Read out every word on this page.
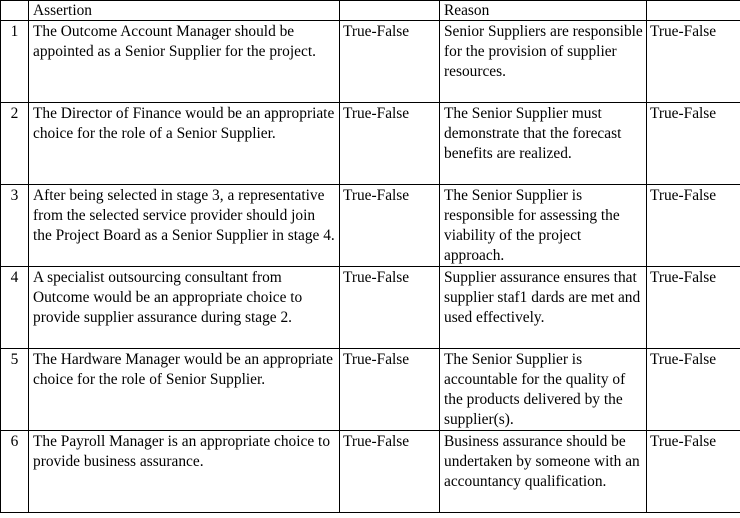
	Assertion		Reason	
1	The Outcome Account Manager should be appointed as a Senior Supplier for the project.	True-False	Senior Suppliers are responsible for the provision of supplier resources.	True-False
2	The Director of Finance would be an appropriate choice for the role of a Senior Supplier.	True-False	The Senior Supplier must demonstrate that the forecast benefits are realized.	True-False
3	After being selected in stage 3, a representative from the selected service provider should join the Project Board as a Senior Supplier in stage 4.	True-False	The Senior Supplier is responsible for assessing the viability of the project approach.	True-False
4	A specialist outsourcing consultant from Outcome would be an appropriate choice to provide supplier assurance during stage 2.	True-False	Supplier assurance ensures that supplier staf1 dards are met and used effectively.	True-False
5	The Hardware Manager would be an appropriate choice for the role of Senior Supplier.	True-False	The Senior Supplier is accountable for the quality of the products delivered by the supplier(s).	True-False
6	The Payroll Manager is an appropriate choice to provide business assurance.	True-False	Business assurance should be undertaken by someone with an accountancy qualification.	True-False
